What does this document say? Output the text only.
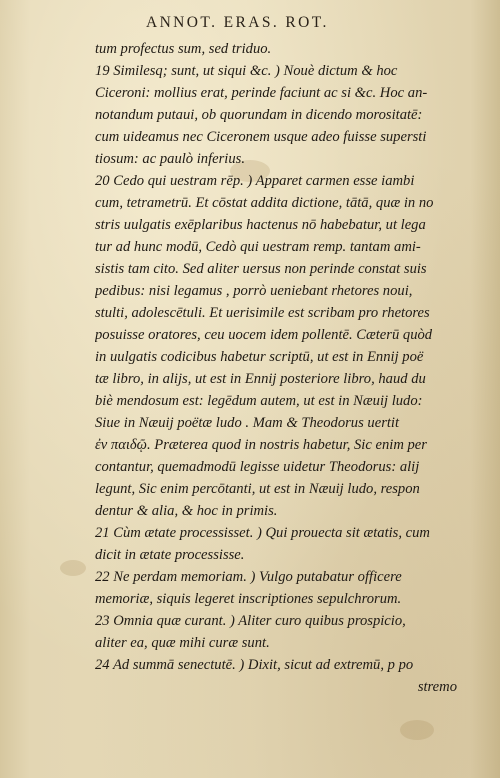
ANNOT. ERAS. ROT.
tum profectus sum, sed triduo.
19 Similesq; sunt, ut siqui &c. ) Nouè dictum & hoc
Ciceroni: mollius erat, perinde faciunt ac si &c. Hoc an-
notandum putaui, ob quorundam in dicendo morositatē:
cum uideamus nec Ciceronem usque adeo fuisse supersti
tiosum: ac paulò inferius.
20 Cedo qui uestram rēp. ) Apparet carmen esse iambi
cum, tetrametrū. Et cōstat addita dictione, tātā, quæ in no
stris uulgatis exēplaribus hactenus nō habebatur, ut lega
tur ad hunc modū, Cedò qui uestram remp. tantam ami-
sistis tam cito. Sed aliter uersus non perinde constat suis
pedibus: nisi legamus , porrò ueniebant rhetores noui,
stulti, adolescētuli. Et uerisimile est scribam pro rhetores
posuisse oratores, ceu uocem idem pollentē. Cæterū quòd
in uulgatis codicibus habetur scriptū, ut est in Ennij poë
tæ libro, in alijs, ut est in Ennij posteriore libro, haud du
biè mendosum est: legēdum autem, ut est in Næuij ludo:
Siue in Næuij poëtæ ludo . Mam & Theodorus uertit
ἐν παιδῷ. Præterea quod in nostris habetur, Sic enim per
contantur, quemadmodū legisse uidetur Theodorus: alij
legunt, Sic enim percōtanti, ut est in Næuij ludo, respon
dentur & alia, & hoc in primis.
21 Cùm ætate processisset. ) Qui prouecta sit ætatis, cum
dicit in ætate processisse.
22 Ne perdam memoriam. ) Vulgo putabatur officere
memoriæ, siquis legeret inscriptiones sepulchrorum.
23 Omnia quæ curant. ) Aliter curo quibus prospicio,
aliter ea, quæ mihi curæ sunt.
24 Ad summā senectutē. ) Dixit, sicut ad extremū, p po
stremo
